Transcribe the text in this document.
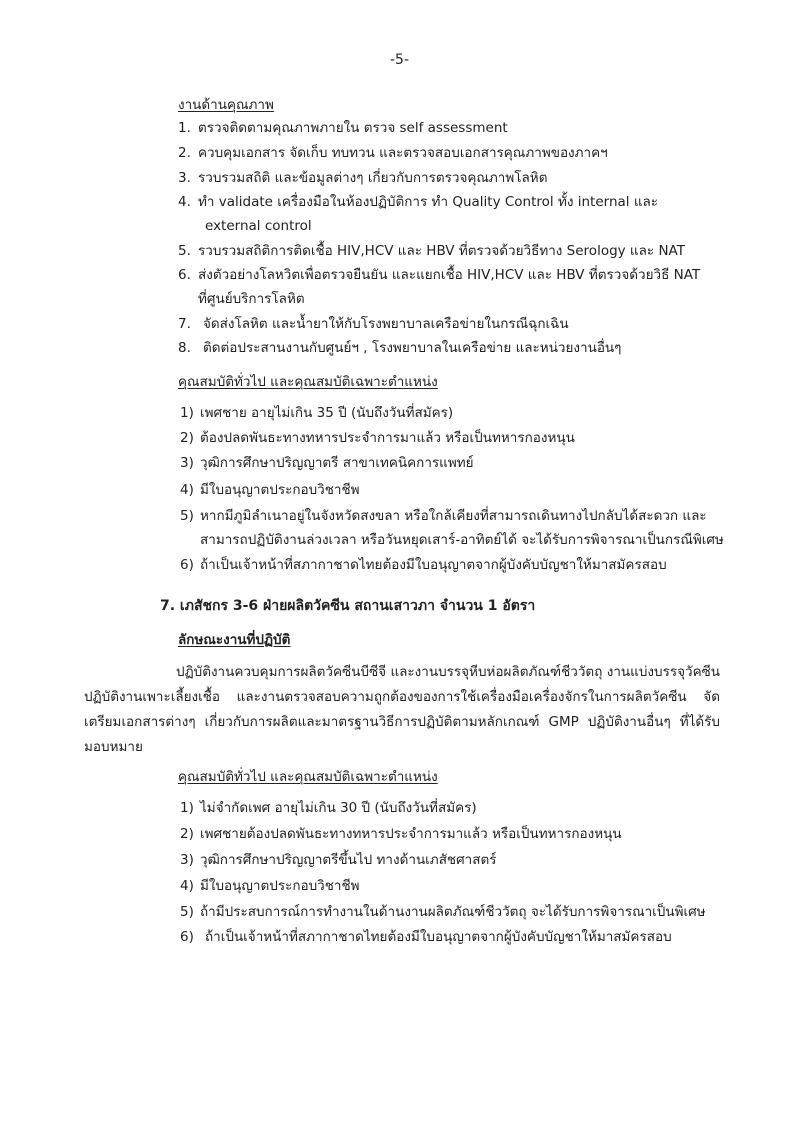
-5-
งานด้านคุณภาพ
1. ตรวจติดตามคุณภาพภายใน ตรวจ self assessment
2. ควบคุมเอกสาร จัดเก็บ ทบทวน และตรวจสอบเอกสารคุณภาพของภาคฯ
3. รวบรวมสถิติ และข้อมูลต่างๆ เกี่ยวกับการตรวจคุณภาพโลหิต
4. ทำ validate เครื่องมือในห้องปฏิบัติการ ทำ Quality Control ทั้ง internal และ
external control
5. รวบรวมสถิติการติดเชื้อ HIV,HCV และ HBV ที่ตรวจด้วยวิธีทาง Serology และ NAT
6. ส่งตัวอย่างโลหวิตเพื่อตรวจยืนยัน และแยกเชื้อ HIV,HCV และ HBV ที่ตรวจด้วยวิธี NAT
ที่ศูนย์บริการโลหิต
7. จัดส่งโลหิต และน้ำยาให้กับโรงพยาบาลเครือข่ายในกรณีฉุกเฉิน
8. ติดต่อประสานงานกับศูนย์ฯ , โรงพยาบาลในเครือข่าย และหน่วยงานอื่นๆ
คุณสมบัติทั่วไป และคุณสมบัติเฉพาะตำแหน่ง
1) เพศชาย อายุไม่เกิน 35 ปี (นับถึงวันที่สมัคร)
2) ต้องปลดพันธะทางทหารประจำการมาแล้ว หรือเป็นทหารกองหนุน
3) วุฒิการศึกษาปริญญาตรี สาขาเทคนิคการแพทย์
4) มีใบอนุญาตประกอบวิชาชีพ
5) หากมีภูมิลำเนาอยู่ในจังหวัดสงขลา หรือใกล้เคียงที่สามารถเดินทางไปกลับได้สะดวก และ
สามารถปฏิบัติงานล่วงเวลา หรือวันหยุดเสาร์-อาทิตย์ได้ จะได้รับการพิจารณาเป็นกรณีพิเศษ
6) ถ้าเป็นเจ้าหน้าที่สภากาชาดไทยต้องมีใบอนุญาตจากผู้บังคับบัญชาให้มาสมัครสอบ
7. เภสัชกร 3-6 ฝ่ายผลิตวัคซีน สถานเสาวภา จำนวน 1 อัตรา
ลักษณะงานที่ปฏิบัติ
ปฏิบัติงานควบคุมการผลิตวัคซีนบีซีจี และงานบรรจุหีบห่อผลิตภัณฑ์ชีววัตถุ งานแบ่งบรรจุวัคซีนปฏิบัติงานเพาะเลี้ยงเชื้อ และงานตรวจสอบความถูกต้องของการใช้เครื่องมือเครื่องจักรในการผลิตวัคซีน จัดเตรียมเอกสารต่างๆ เกี่ยวกับการผลิตและมาตรฐานวิธีการปฏิบัติตามหลักเกณฑ์ GMP ปฏิบัติงานอื่นๆ ที่ได้รับมอบหมาย
คุณสมบัติทั่วไป และคุณสมบัติเฉพาะตำแหน่ง
1) ไม่จำกัดเพศ อายุไม่เกิน 30 ปี (นับถึงวันที่สมัคร)
2) เพศชายต้องปลดพันธะทางทหารประจำการมาแล้ว หรือเป็นทหารกองหนุน
3) วุฒิการศึกษาปริญญาตรีขึ้นไป ทางด้านเภสัชศาสตร์
4) มีใบอนุญาตประกอบวิชาชีพ
5) ถ้ามีประสบการณ์การทำงานในด้านงานผลิตภัณฑ์ชีววัตถุ จะได้รับการพิจารณาเป็นพิเศษ
6) ถ้าเป็นเจ้าหน้าที่สภากาชาดไทยต้องมีใบอนุญาตจากผู้บังคับบัญชาให้มาสมัครสอบ
